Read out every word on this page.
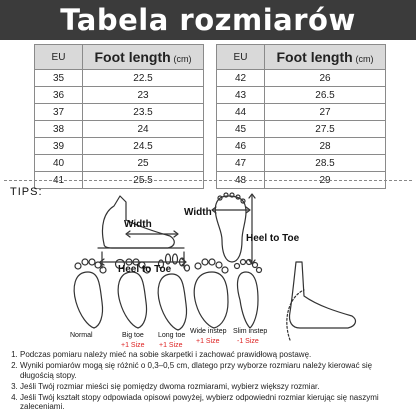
Tabela rozmiarów
EU	Foot length (cm)
35	22.5
36	23
37	23.5
38	24
39	24.5
40	25
41	25.5
EU	Foot length (cm)
42	26
43	26.5
44	27
45	27.5
46	28
47	28.5
48	29
TIPS:
Width
Heel to Toe
Width
Heel to Toe
Normal	Big toe
+1 Size
Long toe
+1 Size
Wide instep
+1 Size
Slim instep
-1 Size
1. Podczas pomiaru należy mieć na sobie skarpetki i zachować prawidłową postawę.
2. Wyniki pomiarów mogą się różnić o 0,3–0,5 cm, dlatego przy wyborze rozmiaru należy kierować się długością stopy.
3. Jeśli Twój rozmiar mieści się pomiędzy dwoma rozmiarami, wybierz większy rozmiar.
4. Jeśli Twój kształt stopy odpowiada opisowi powyżej, wybierz odpowiedni rozmiar kierując się naszymi zaleceniami.
